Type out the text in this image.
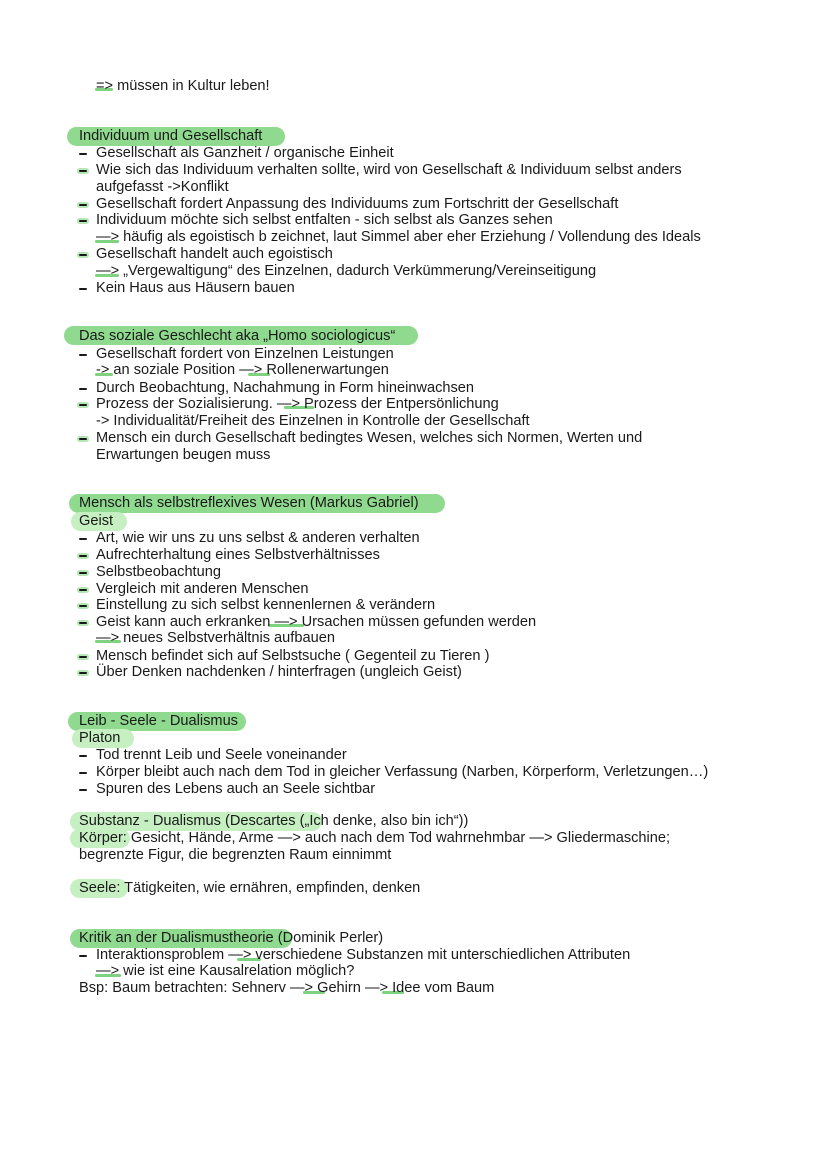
=> müssen in Kultur leben!
Individuum und Gesellschaft
Gesellschaft als Ganzheit / organische Einheit
Wie sich das Individuum verhalten sollte, wird von Gesellschaft & Individuum selbst anders
aufgefasst ->Konflikt
Gesellschaft fordert Anpassung des Individuums zum Fortschritt der Gesellschaft
Individuum möchte sich selbst entfalten - sich selbst als Ganzes sehen
—> häufig als egoistisch b zeichnet, laut Simmel aber eher Erziehung / Vollendung des Ideals
Gesellschaft handelt auch egoistisch
—> „Vergewaltigung“ des Einzelnen, dadurch Verkümmerung/Vereinseitigung
Kein Haus aus Häusern bauen
Das soziale Geschlecht aka „Homo sociologicus“
Gesellschaft fordert von Einzelnen Leistungen
-> an soziale Position —> Rollenerwartungen
Durch Beobachtung, Nachahmung in Form hineinwachsen
Prozess der Sozialisierung. —> Prozess der Entpersönlichung
-> Individualität/Freiheit des Einzelnen in Kontrolle der Gesellschaft
Mensch ein durch Gesellschaft bedingtes Wesen, welches sich Normen, Werten und
Erwartungen beugen muss
Mensch als selbstreflexives Wesen (Markus Gabriel)
Geist
Art, wie wir uns zu uns selbst & anderen verhalten
Aufrechterhaltung eines Selbstverhältnisses
Selbstbeobachtung
Vergleich mit anderen Menschen
Einstellung zu sich selbst kennenlernen & verändern
Geist kann auch erkranken —> Ursachen müssen gefunden werden
—> neues Selbstverhältnis aufbauen
Mensch befindet sich auf Selbstsuche ( Gegenteil zu Tieren )
Über Denken nachdenken / hinterfragen (ungleich Geist)
Leib - Seele - Dualismus
Platon
Tod trennt Leib und Seele voneinander
Körper bleibt auch nach dem Tod in gleicher Verfassung (Narben, Körperform, Verletzungen…)
Spuren des Lebens auch an Seele sichtbar
Substanz - Dualismus (Descartes („Ich denke, also bin ich“))
Körper: Gesicht, Hände, Arme —> auch nach dem Tod wahrnehmbar —> Gliedermaschine;
begrenzte Figur, die begrenzten Raum einnimmt
Seele: Tätigkeiten, wie ernähren, empfinden, denken
Kritik an der Dualismustheorie (Dominik Perler)
Interaktionsproblem —> verschiedene Substanzen mit unterschiedlichen Attributen
—> wie ist eine Kausalrelation möglich?
Bsp: Baum betrachten: Sehnerv —> Gehirn —> Idee vom Baum
